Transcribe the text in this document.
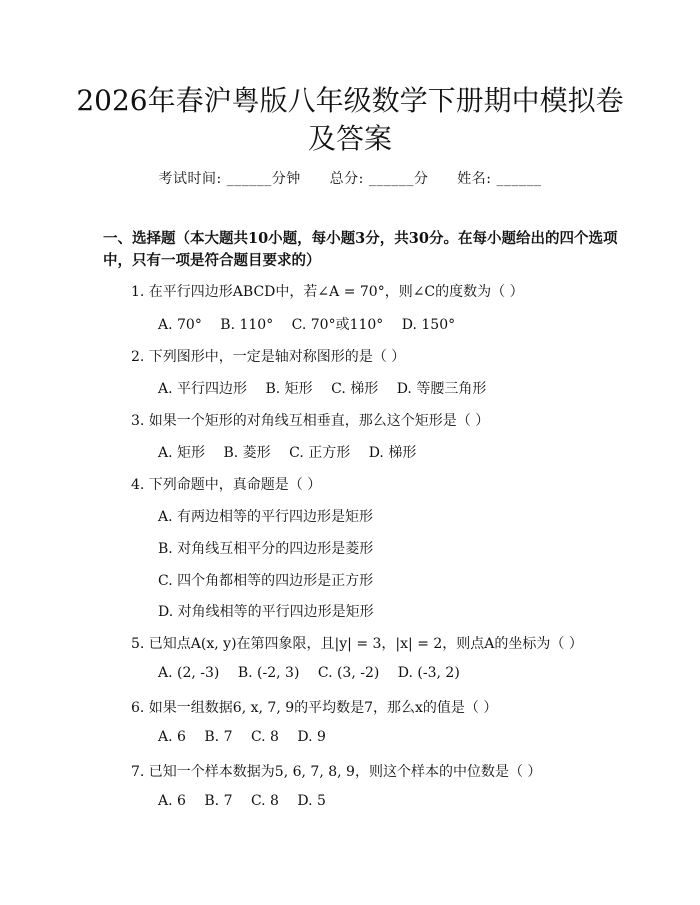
2026年春沪粤版八年级数学下册期中模拟卷
及答案
考试时间: ______分钟 总分: ______分 姓名: ______
一、选择题（本大题共10小题，每小题3分，共30分。在每小题给出的四个选项中，只有一项是符合题目要求的）
1. 在平行四边形ABCD中，若∠A = 70°，则∠C的度数为（ ）
A. 70° B. 110° C. 70°或110° D. 150°
2. 下列图形中，一定是轴对称图形的是（ ）
A. 平行四边形 B. 矩形 C. 梯形 D. 等腰三角形
3. 如果一个矩形的对角线互相垂直，那么这个矩形是（ ）
A. 矩形 B. 菱形 C. 正方形 D. 梯形
4. 下列命题中，真命题是（ ）
A. 有两边相等的平行四边形是矩形
B. 对角线互相平分的四边形是菱形
C. 四个角都相等的四边形是正方形
D. 对角线相等的平行四边形是矩形
5. 已知点A(x, y)在第四象限，且|y| = 3，|x| = 2，则点A的坐标为（ ）
A. (2, -3) B. (-2, 3) C. (3, -2) D. (-3, 2)
6. 如果一组数据6, x, 7, 9的平均数是7，那么x的值是（ ）
A. 6 B. 7 C. 8 D. 9
7. 已知一个样本数据为5, 6, 7, 8, 9，则这个样本的中位数是（ ）
A. 6 B. 7 C. 8 D. 5
